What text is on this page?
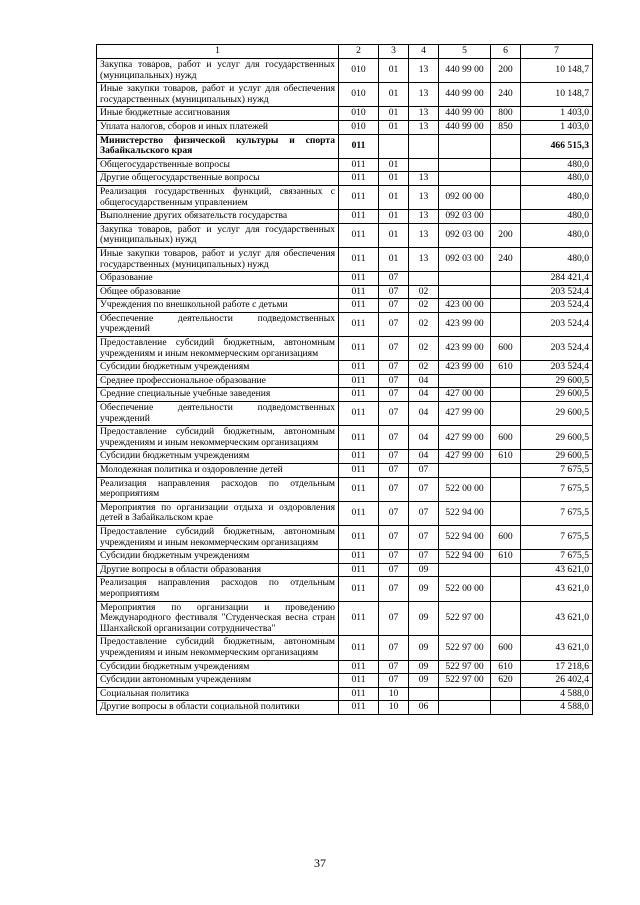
1	2	3	4	5	6	7
Закупка товаров, работ и услуг для государственных (муниципальных) нужд	010	01	13	440 99 00	200	10 148,7
Иные закупки товаров, работ и услуг для обеспечения государственных (муниципальных) нужд	010	01	13	440 99 00	240	10 148,7
Иные бюджетные ассигнования	010	01	13	440 99 00	800	1 403,0
Уплата налогов, сборов и иных платежей	010	01	13	440 99 00	850	1 403,0
Министерство физической культуры и спорта Забайкальского края	011					466 515,3
Общегосударственные вопросы	011	01				480,0
Другие общегосударственные вопросы	011	01	13			480,0
Реализация государственных функций, связанных с общегосударственным управлением	011	01	13	092 00 00		480,0
Выполнение других обязательств государства	011	01	13	092 03 00		480,0
Закупка товаров, работ и услуг для государственных (муниципальных) нужд	011	01	13	092 03 00	200	480,0
Иные закупки товаров, работ и услуг для обеспечения государственных (муниципальных) нужд	011	01	13	092 03 00	240	480,0
Образование	011	07				284 421,4
Общее образование	011	07	02			203 524,4
Учреждения по внешкольной работе с детьми	011	07	02	423 00 00		203 524,4
Обеспечение деятельности подведомственных учреждений	011	07	02	423 99 00		203 524,4
Предоставление субсидий бюджетным, автономным учреждениям и иным некоммерческим организациям	011	07	02	423 99 00	600	203 524,4
Субсидии бюджетным учреждениям	011	07	02	423 99 00	610	203 524,4
Среднее профессиональное образование	011	07	04			29 600,5
Средние специальные учебные заведения	011	07	04	427 00 00		29 600,5
Обеспечение деятельности подведомственных учреждений	011	07	04	427 99 00		29 600,5
Предоставление субсидий бюджетным, автономным учреждениям и иным некоммерческим организациям	011	07	04	427 99 00	600	29 600,5
Субсидии бюджетным учреждениям	011	07	04	427 99 00	610	29 600,5
Молодежная политика и оздоровление детей	011	07	07			7 675,5
Реализация направления расходов по отдельным мероприятиям	011	07	07	522 00 00		7 675,5
Мероприятия по организации отдыха и оздоровления детей в Забайкальском крае	011	07	07	522 94 00		7 675,5
Предоставление субсидий бюджетным, автономным учреждениям и иным некоммерческим организациям	011	07	07	522 94 00	600	7 675,5
Субсидии бюджетным учреждениям	011	07	07	522 94 00	610	7 675,5
Другие вопросы в области образования	011	07	09			43 621,0
Реализация направления расходов по отдельным мероприятиям	011	07	09	522 00 00		43 621,0
Мероприятия по организации и проведению Международного фестиваля "Студенческая весна стран Шанхайской организации сотрудничества"	011	07	09	522 97 00		43 621,0
Предоставление субсидий бюджетным, автономным учреждениям и иным некоммерческим организациям	011	07	09	522 97 00	600	43 621,0
Субсидии бюджетным учреждениям	011	07	09	522 97 00	610	17 218,6
Субсидии автономным учреждениям	011	07	09	522 97 00	620	26 402,4
Социальная политика	011	10				4 588,0
Другие вопросы в области социальной политики	011	10	06			4 588,0
37
